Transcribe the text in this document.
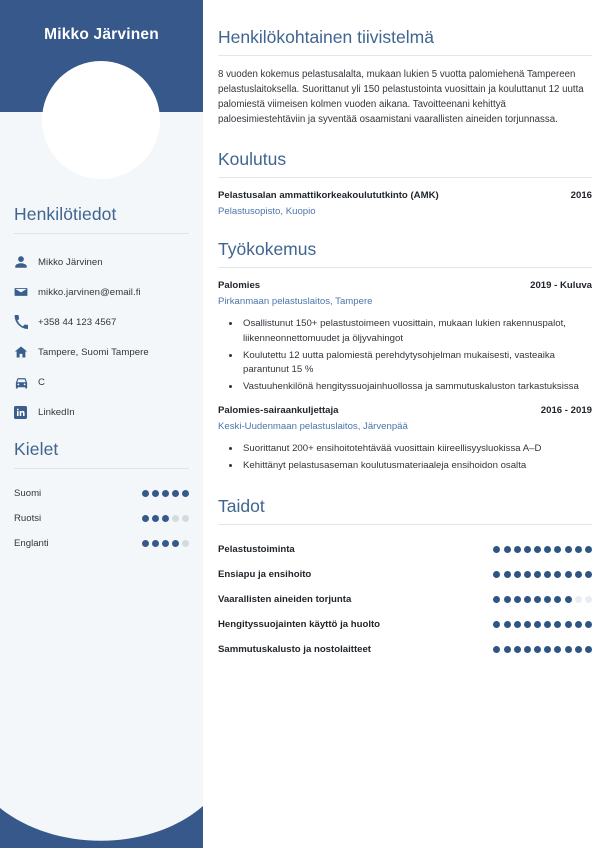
Mikko Järvinen
Henkilötiedot
Mikko Järvinen
mikko.jarvinen@email.fi
+358 44 123 4567
Tampere, Suomi Tampere
C
LinkedIn
Kielet
Suomi
Ruotsi
Englanti
Henkilökohtainen tiivistelmä
8 vuoden kokemus pelastusalalta, mukaan lukien 5 vuotta palomiehenä Tampereen pelastuslaitoksella. Suorittanut yli 150 pelastustointa vuosittain ja kouluttanut 12 uutta palomiestä viimeisen kolmen vuoden aikana. Tavoitteenani kehittyä paloesimiestehtäviin ja syventää osaamistani vaarallisten aineiden torjunnassa.
Koulutus
Pelastusalan ammattikorkeakoulututkinto (AMK)	2016
Pelastusopisto, Kuopio
Työkokemus
Palomies	2019 - Kuluva
Pirkanmaan pelastuslaitos, Tampere
• Osallistunut 150+ pelastustoimeen vuosittain, mukaan lukien rakennuspalot, liikenneonnettomuudet ja öljyvahingot
• Koulutettu 12 uutta palomiestä perehdytysohjelman mukaisesti, vasteaika parantunut 15 %
• Vastuuhenkilönä hengityssuojainhuollossa ja sammutuskaluston tarkastuksissa
Palomies-sairaankuljettaja	2016 - 2019
Keski-Uudenmaan pelastuslaitos, Järvenpää
• Suorittanut 200+ ensihoitotehtävää vuosittain kiireellisyysluokissa A–D
• Kehittänyt pelastusaseman koulutusmateriaaleja ensihoidon osalta
Taidot
Pelastustoiminta
Ensiapu ja ensihoito
Vaarallisten aineiden torjunta
Hengityssuojainten käyttö ja huolto
Sammutuskalusto ja nostolaitteet
